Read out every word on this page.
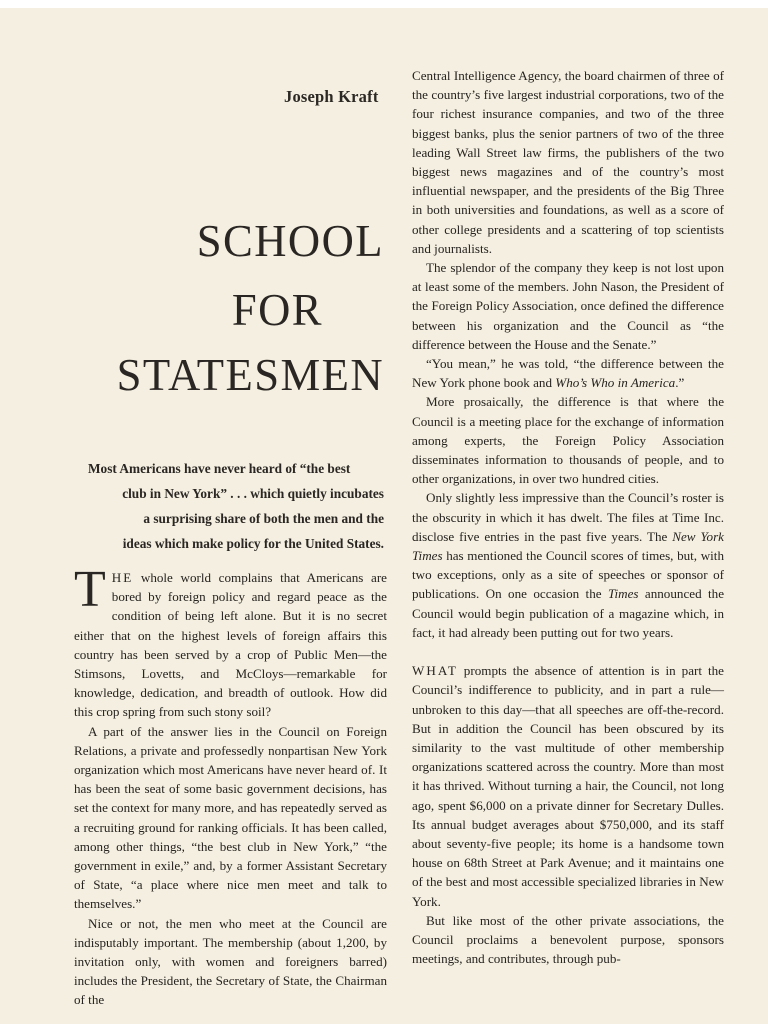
Joseph Kraft
SCHOOL
FOR
STATESMEN
Most Americans have never heard of “the best
club in New York” . . . which quietly incubates
a surprising share of both the men and the
ideas which make policy for the United States.

THE whole world complains that Americans are bored by foreign policy and regard peace as the condition of being left alone. But it is no secret either that on the highest levels of foreign affairs this country has been served by a crop of Public Men—the Stimsons, Lovetts, and McCloys—remarkable for knowledge, dedication, and breadth of outlook. How did this crop spring from such stony soil?

A part of the answer lies in the Council on Foreign Relations, a private and professedly nonpartisan New York organization which most Americans have never heard of. It has been the seat of some basic government decisions, has set the context for many more, and has repeatedly served as a recruiting ground for ranking officials. It has been called, among other things, “the best club in New York,” “the government in exile,” and, by a former Assistant Secretary of State, “a place where nice men meet and talk to themselves.”

Nice or not, the men who meet at the Council are indisputably important. The membership (about 1,200, by invitation only, with women and foreigners barred) includes the President, the Secretary of State, the Chairman of the

Central Intelligence Agency, the board chairmen of three of the country’s five largest industrial corporations, two of the four richest insurance companies, and two of the three biggest banks, plus the senior partners of two of the three leading Wall Street law firms, the publishers of the two biggest news magazines and of the country’s most influential newspaper, and the presidents of the Big Three in both universities and foundations, as well as a score of other college presidents and a scattering of top scientists and journalists.

The splendor of the company they keep is not lost upon at least some of the members. John Nason, the President of the Foreign Policy Association, once defined the difference between his organization and the Council as “the difference between the House and the Senate.”

“You mean,” he was told, “the difference between the New York phone book and Who’s Who in America.”

More prosaically, the difference is that where the Council is a meeting place for the exchange of information among experts, the Foreign Policy Association disseminates information to thousands of people, and to other organizations, in over two hundred cities.

Only slightly less impressive than the Council’s roster is the obscurity in which it has dwelt. The files at Time Inc. disclose five entries in the past five years. The New York Times has mentioned the Council scores of times, but, with two exceptions, only as a site of speeches or sponsor of publications. On one occasion the Times announced the Council would begin publication of a magazine which, in fact, it had already been putting out for two years.

WHAT prompts the absence of attention is in part the Council’s indifference to publicity, and in part a rule—unbroken to this day—that all speeches are off-the-record. But in addition the Council has been obscured by its similarity to the vast multitude of other membership organizations scattered across the country. More than most it has thrived. Without turning a hair, the Council, not long ago, spent $6,000 on a private dinner for Secretary Dulles. Its annual budget averages about $750,000, and its staff about seventy-five people; its home is a handsome town house on 68th Street at Park Avenue; and it maintains one of the best and most accessible specialized libraries in New York.

But like most of the other private associations, the Council proclaims a benevolent purpose, sponsors meetings, and contributes, through pub-
